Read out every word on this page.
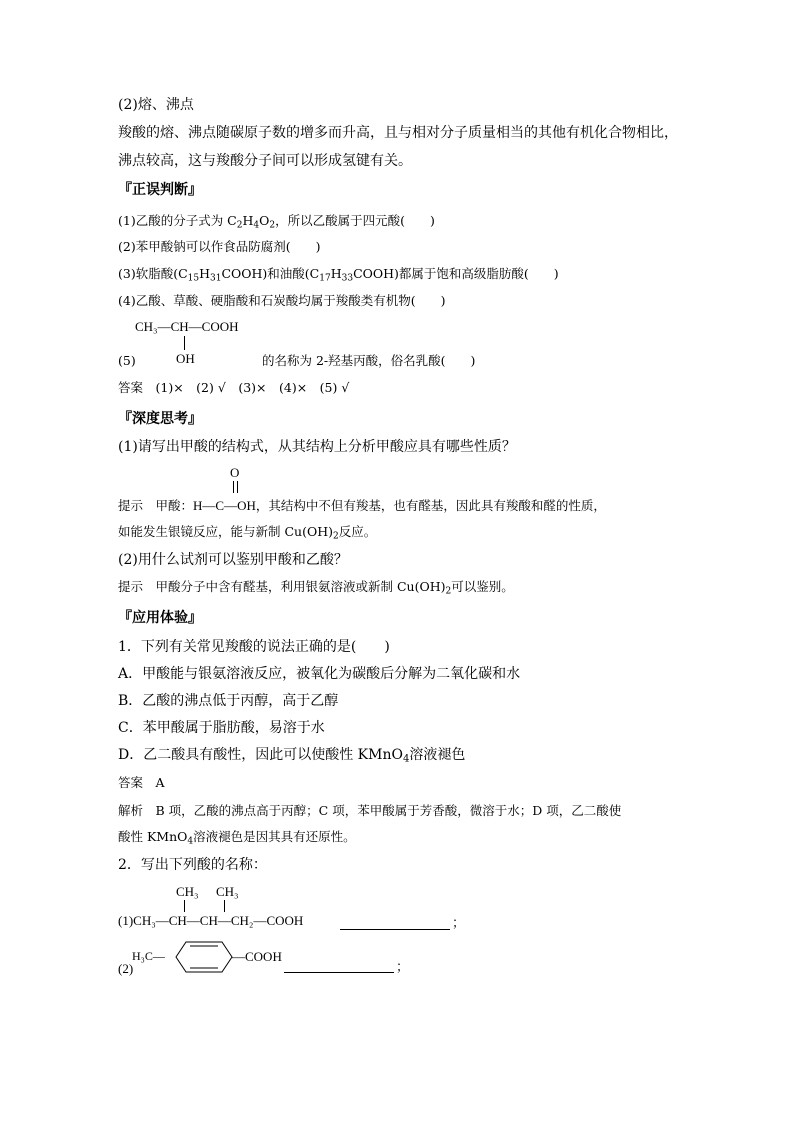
(2)熔、沸点
羧酸的熔、沸点随碳原子数的增多而升高，且与相对分子质量相当的其他有机化合物相比，
沸点较高，这与羧酸分子间可以形成氢键有关。
『正误判断』
(1)乙酸的分子式为 $C_2H_4O_2$，所以乙酸属于四元酸(　　)
(2)苯甲酸钠可以作食品防腐剂(　　)
(3)软脂酸$(C_{15}H_{31}COOH)$和油酸$(C_{17}H_{33}COOH)$都属于饱和高级脂肪酸(　　)
(4)乙酸、草酸、硬脂酸和石炭酸均属于羧酸类有机物(　　)
CH₃—CH—COOH
OH
(5)	的名称为 2-羟基丙酸，俗名乳酸(　　)
答案　(1)×　(2) √　(3)×　(4)×　(5) √
『深度思考』
(1)请写出甲酸的结构式，从其结构上分析甲酸应具有哪些性质？
O
提示　甲酸：H—C—OH，其结构中不但有羧基，也有醛基，因此具有羧酸和醛的性质，
如能发生银镜反应，能与新制 $Cu(OH)_2$反应。
(2)用什么试剂可以鉴别甲酸和乙酸？
提示　甲酸分子中含有醛基，利用银氨溶液或新制 $Cu(OH)_2$可以鉴别。
『应用体验』
1．下列有关常见羧酸的说法正确的是(　　)
A．甲酸能与银氨溶液反应，被氧化为碳酸后分解为二氧化碳和水
B．乙酸的沸点低于丙醇，高于乙醇
C．苯甲酸属于脂肪酸，易溶于水
D．乙二酸具有酸性，因此可以使酸性 KMnO$_4$溶液褪色
答案　A
解析　B 项，乙酸的沸点高于丙醇；C 项，苯甲酸属于芳香酸，微溶于水；D 项，乙二酸使
酸性 KMnO$_4$溶液褪色是因其具有还原性。
2．写出下列酸的名称：
CH₃ CH₃
(1)CH₃—CH—CH—CH₂—COOH	；
(2)
H₃C—	—COOH
；
